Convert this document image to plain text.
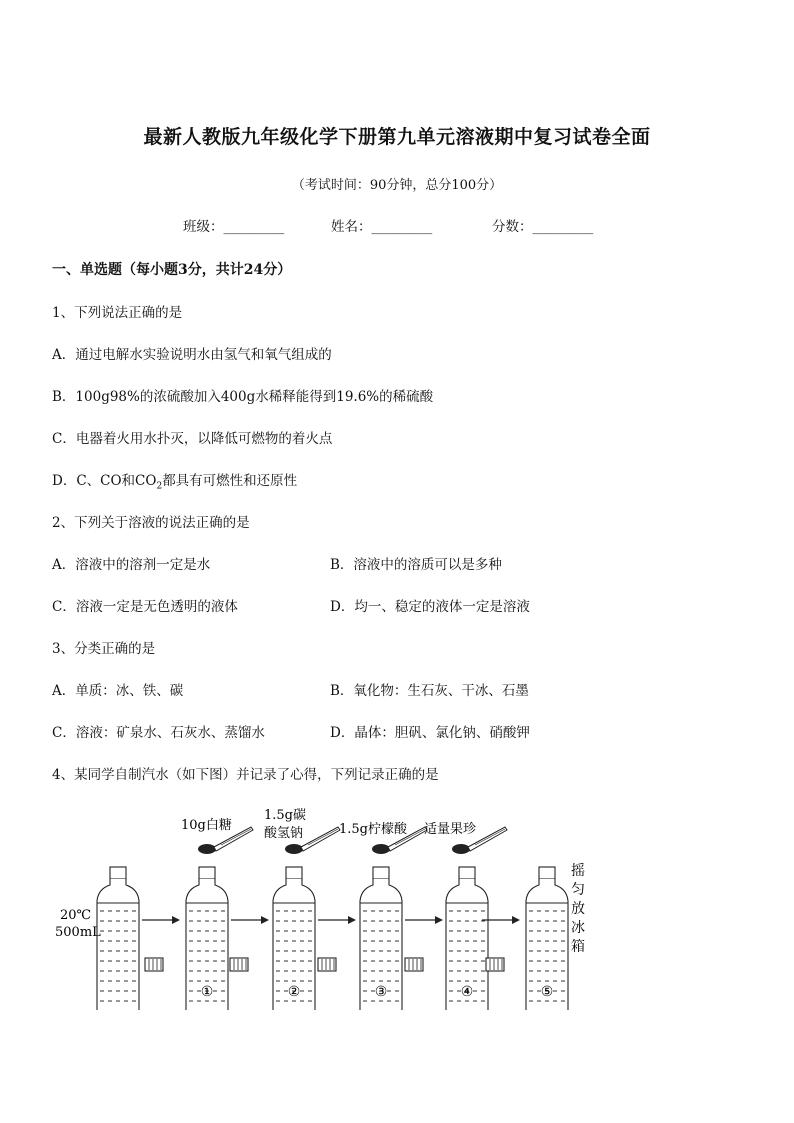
最新人教版九年级化学下册第九单元溶液期中复习试卷全面
（考试时间：90分钟，总分100分）
班级：_________	姓名：_________	分数：_________
一、单选题（每小题3分，共计24分）
1、下列说法正确的是
A．通过电解水实验说明水由氢气和氧气组成的
B．100g98%的浓硫酸加入400g水稀释能得到19.6%的稀硫酸
C．电器着火用水扑灭，以降低可燃物的着火点
D．C、CO和$CO_2$都具有可燃性和还原性
2、下列关于溶液的说法正确的是
A．溶液中的溶剂一定是水	B．溶液中的溶质可以是多种
C．溶液一定是无色透明的液体	D．均一、稳定的液体一定是溶液
3、分类正确的是
A．单质：冰、铁、碳	B．氧化物：生石灰、干冰、石墨
C．溶液：矿泉水、石灰水、蒸馏水	D．晶体：胆矾、氯化钠、硝酸钾
4、某同学自制汽水（如下图）并记录了心得，下列记录正确的是
20℃
500mL
10g白糖
1.5g碳
酸氢钠	1.5g柠檬酸 适量果珍
摇
匀
放
冰
箱
①	②	③	④	⑤
